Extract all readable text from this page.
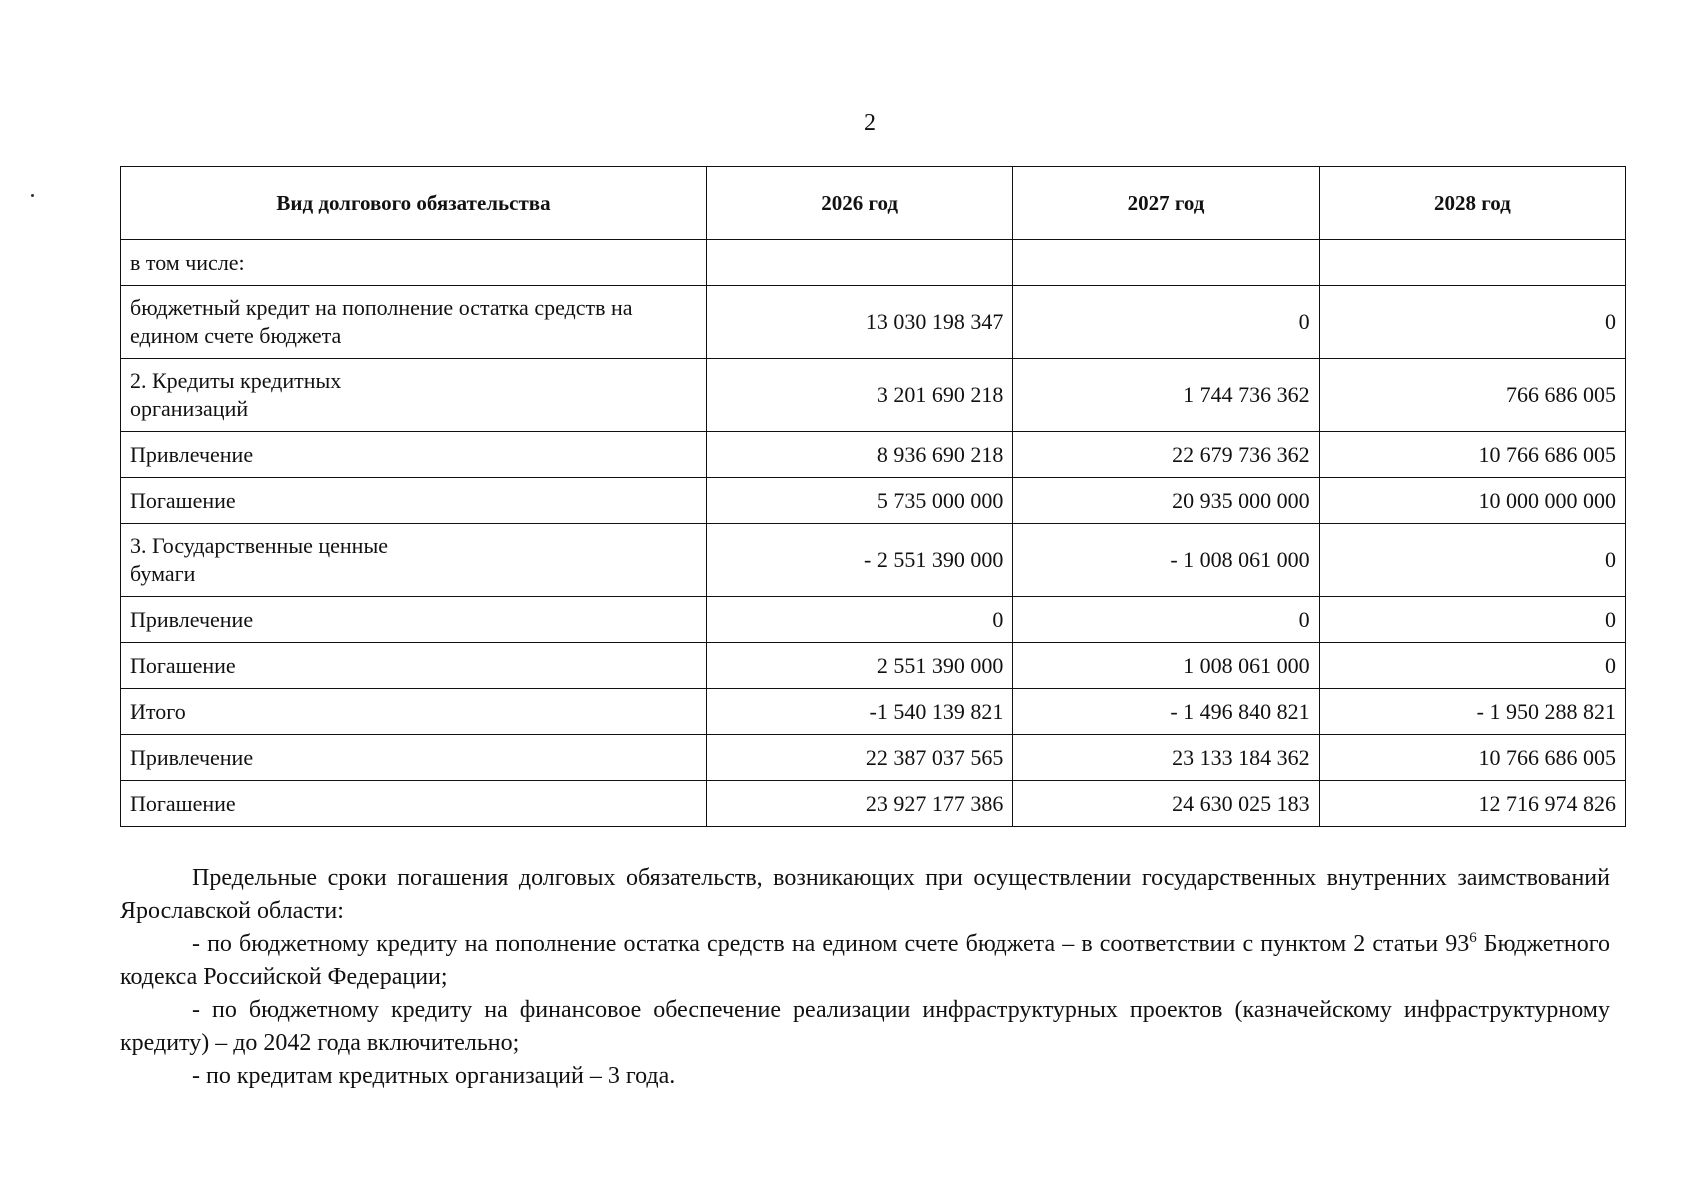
2
Вид долгового обязательства	2026 год	2027 год	2028 год
в том числе:			
бюджетный кредит на пополнение остатка средств на едином счете бюджета	13 030 198 347	0	0
2. Кредиты кредитных организаций	3 201 690 218	1 744 736 362	766 686 005
Привлечение	8 936 690 218	22 679 736 362	10 766 686 005
Погашение	5 735 000 000	20 935 000 000	10 000 000 000
3. Государственные ценные бумаги	- 2 551 390 000	- 1 008 061 000	0
Привлечение	0	0	0
Погашение	2 551 390 000	1 008 061 000	0
Итого	-1 540 139 821	- 1 496 840 821	- 1 950 288 821
Привлечение	22 387 037 565	23 133 184 362	10 766 686 005
Погашение	23 927 177 386	24 630 025 183	12 716 974 826

Предельные сроки погашения долговых обязательств, возникающих при осуществлении государственных внутренних заимствований Ярославской области:

- по бюджетному кредиту на пополнение остатка средств на едином счете бюджета – в соответствии с пунктом 2 статьи $93^6$ Бюджетного кодекса Российской Федерации;

- по бюджетному кредиту на финансовое обеспечение реализации инфраструктурных проектов (казначейскому инфраструктурному кредиту) – до 2042 года включительно;

- по кредитам кредитных организаций – 3 года.
